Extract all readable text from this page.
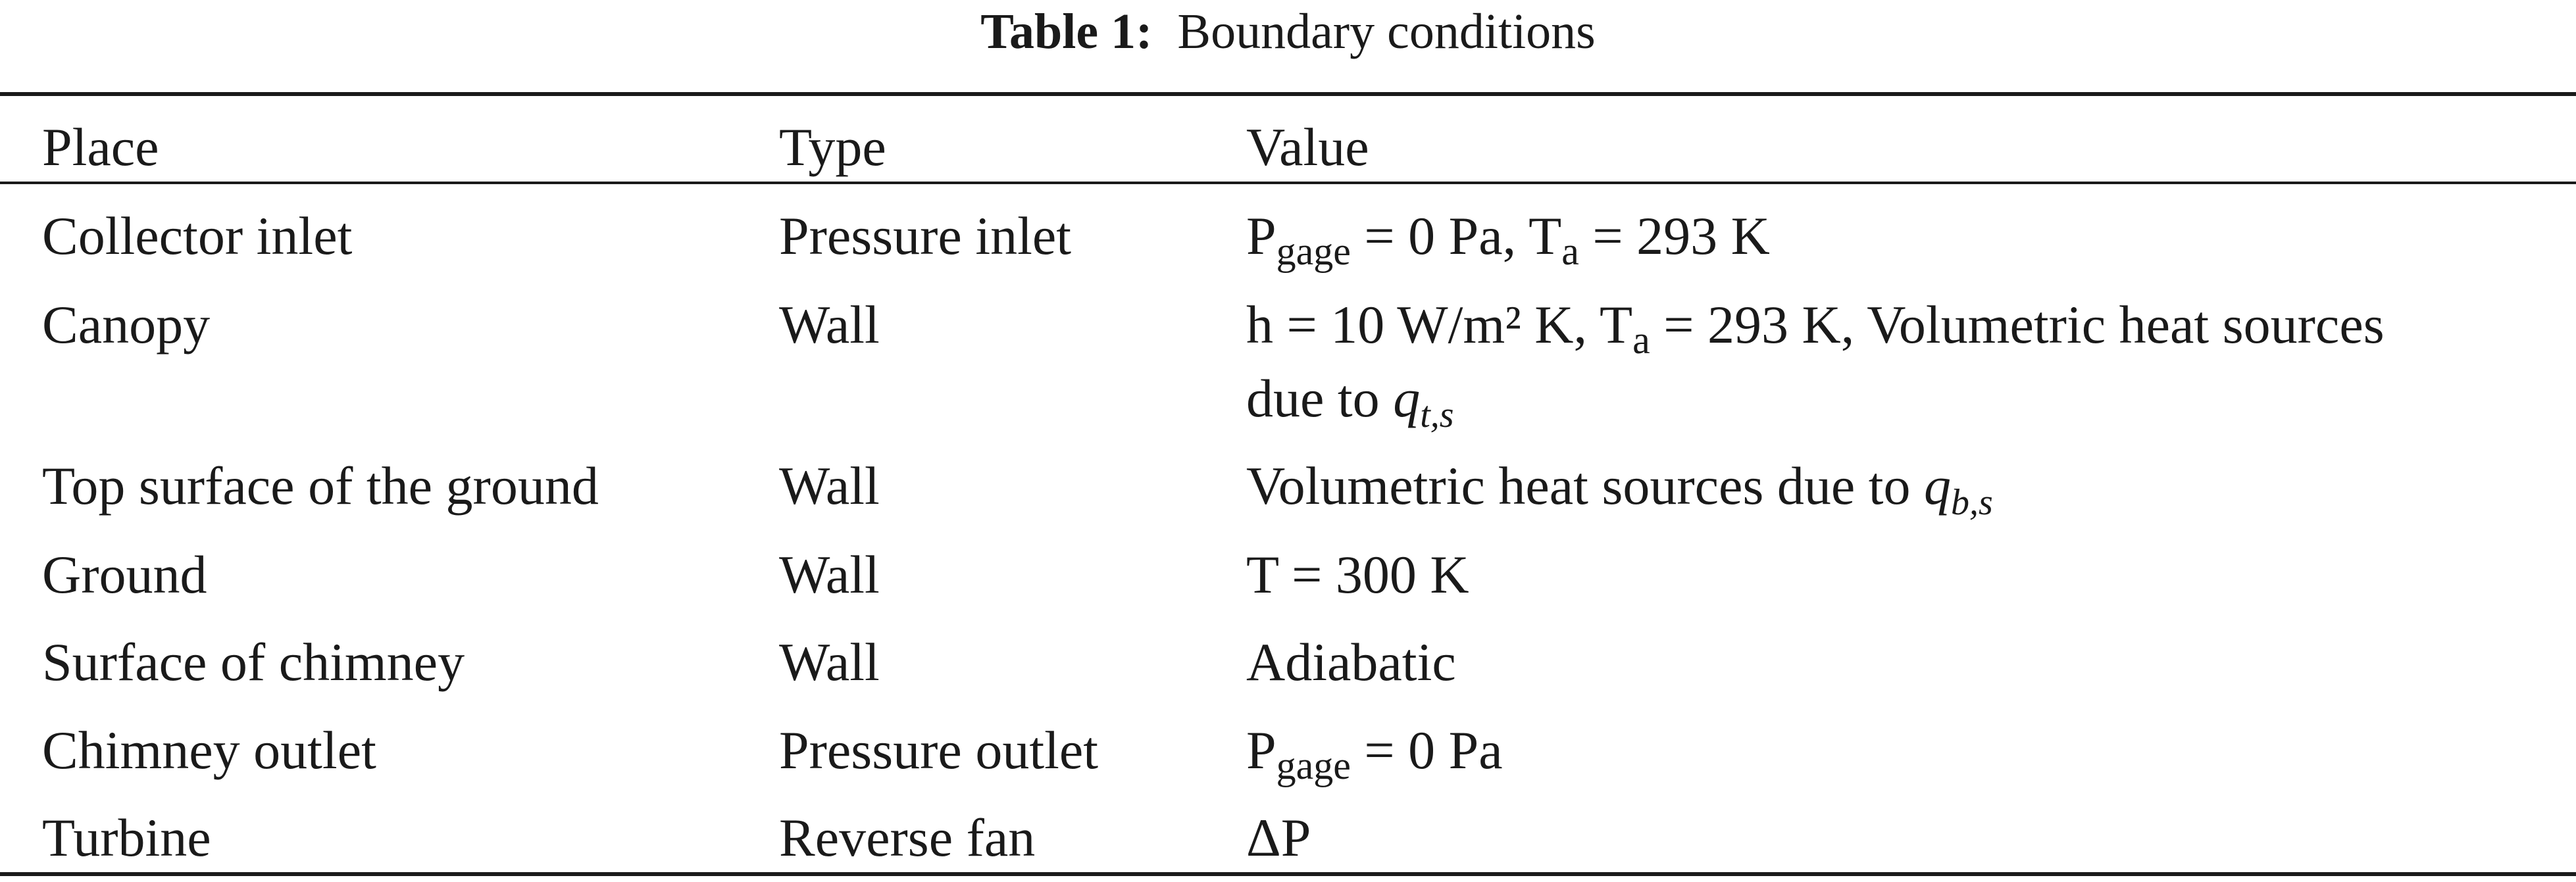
Table 1: Boundary conditions
Place	Type	Value
Collector inlet	Pressure inlet	$P_{gage} = 0$ Pa, $T_a = 293$ K
Canopy	Wall	h = 10 W/m² K, $T_a = 293$ K, Volumetric heat sources
due to $q_{t,s}$
Top surface of the ground	Wall	Volumetric heat sources due to $q_{b,s}$
Ground	Wall	T = 300 K
Surface of chimney	Wall	Adiabatic
Chimney outlet	Pressure outlet	$P_{gage} = 0$ Pa
Turbine	Reverse fan	ΔP
